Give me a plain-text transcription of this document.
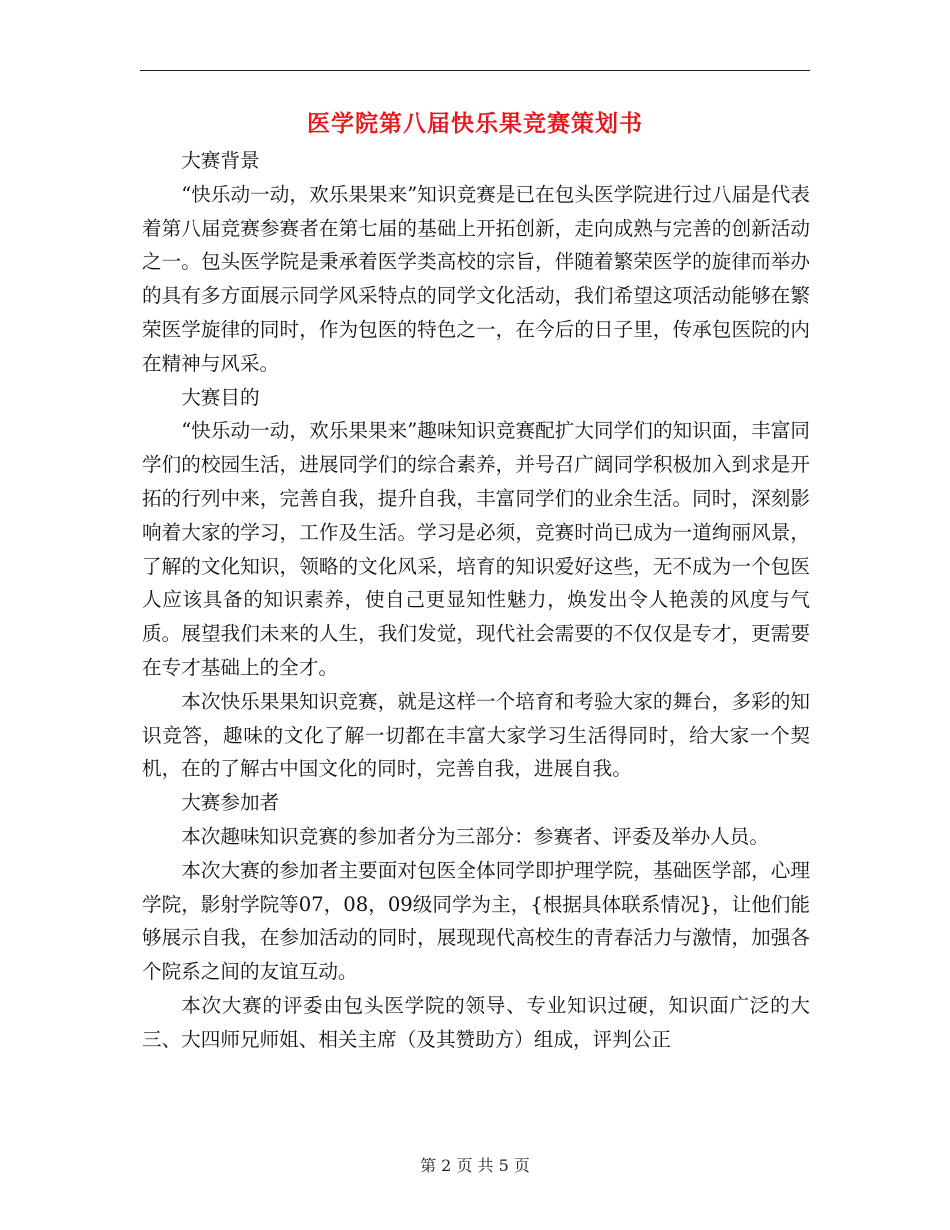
医学院第八届快乐果竞赛策划书

大赛背景

“快乐动一动，欢乐果果来”知识竞赛是已在包头医学院进行过八届是代表着第八届竞赛参赛者在第七届的基础上开拓创新，走向成熟与完善的创新活动之一。包头医学院是秉承着医学类高校的宗旨，伴随着繁荣医学的旋律而举办的具有多方面展示同学风采特点的同学文化活动，我们希望这项活动能够在繁荣医学旋律的同时，作为包医的特色之一，在今后的日子里，传承包医院的内在精神与风采。

大赛目的

“快乐动一动，欢乐果果来”趣味知识竞赛配扩大同学们的知识面，丰富同学们的校园生活，进展同学们的综合素养，并号召广阔同学积极加入到求是开拓的行列中来，完善自我，提升自我，丰富同学们的业余生活。同时，深刻影响着大家的学习，工作及生活。学习是必须，竞赛时尚已成为一道绚丽风景，了解的文化知识，领略的文化风采，培育的知识爱好这些，无不成为一个包医人应该具备的知识素养，使自己更显知性魅力，焕发出令人艳羡的风度与气质。展望我们未来的人生，我们发觉，现代社会需要的不仅仅是专才，更需要在专才基础上的全才。

本次快乐果果知识竞赛，就是这样一个培育和考验大家的舞台，多彩的知识竞答，趣味的文化了解一切都在丰富大家学习生活得同时，给大家一个契机，在的了解古中国文化的同时，完善自我，进展自我。

大赛参加者

本次趣味知识竞赛的参加者分为三部分：参赛者、评委及举办人员。

本次大赛的参加者主要面对包医全体同学即护理学院，基础医学部，心理学院，影射学院等07，08，09级同学为主，{根据具体联系情况}，让他们能够展示自我，在参加活动的同时，展现现代高校生的青春活力与激情，加强各个院系之间的友谊互动。

本次大赛的评委由包头医学院的领导、专业知识过硬，知识面广泛的大三、大四师兄师姐、相关主席（及其赞助方）组成，评判公正

第 2 页 共 5 页
